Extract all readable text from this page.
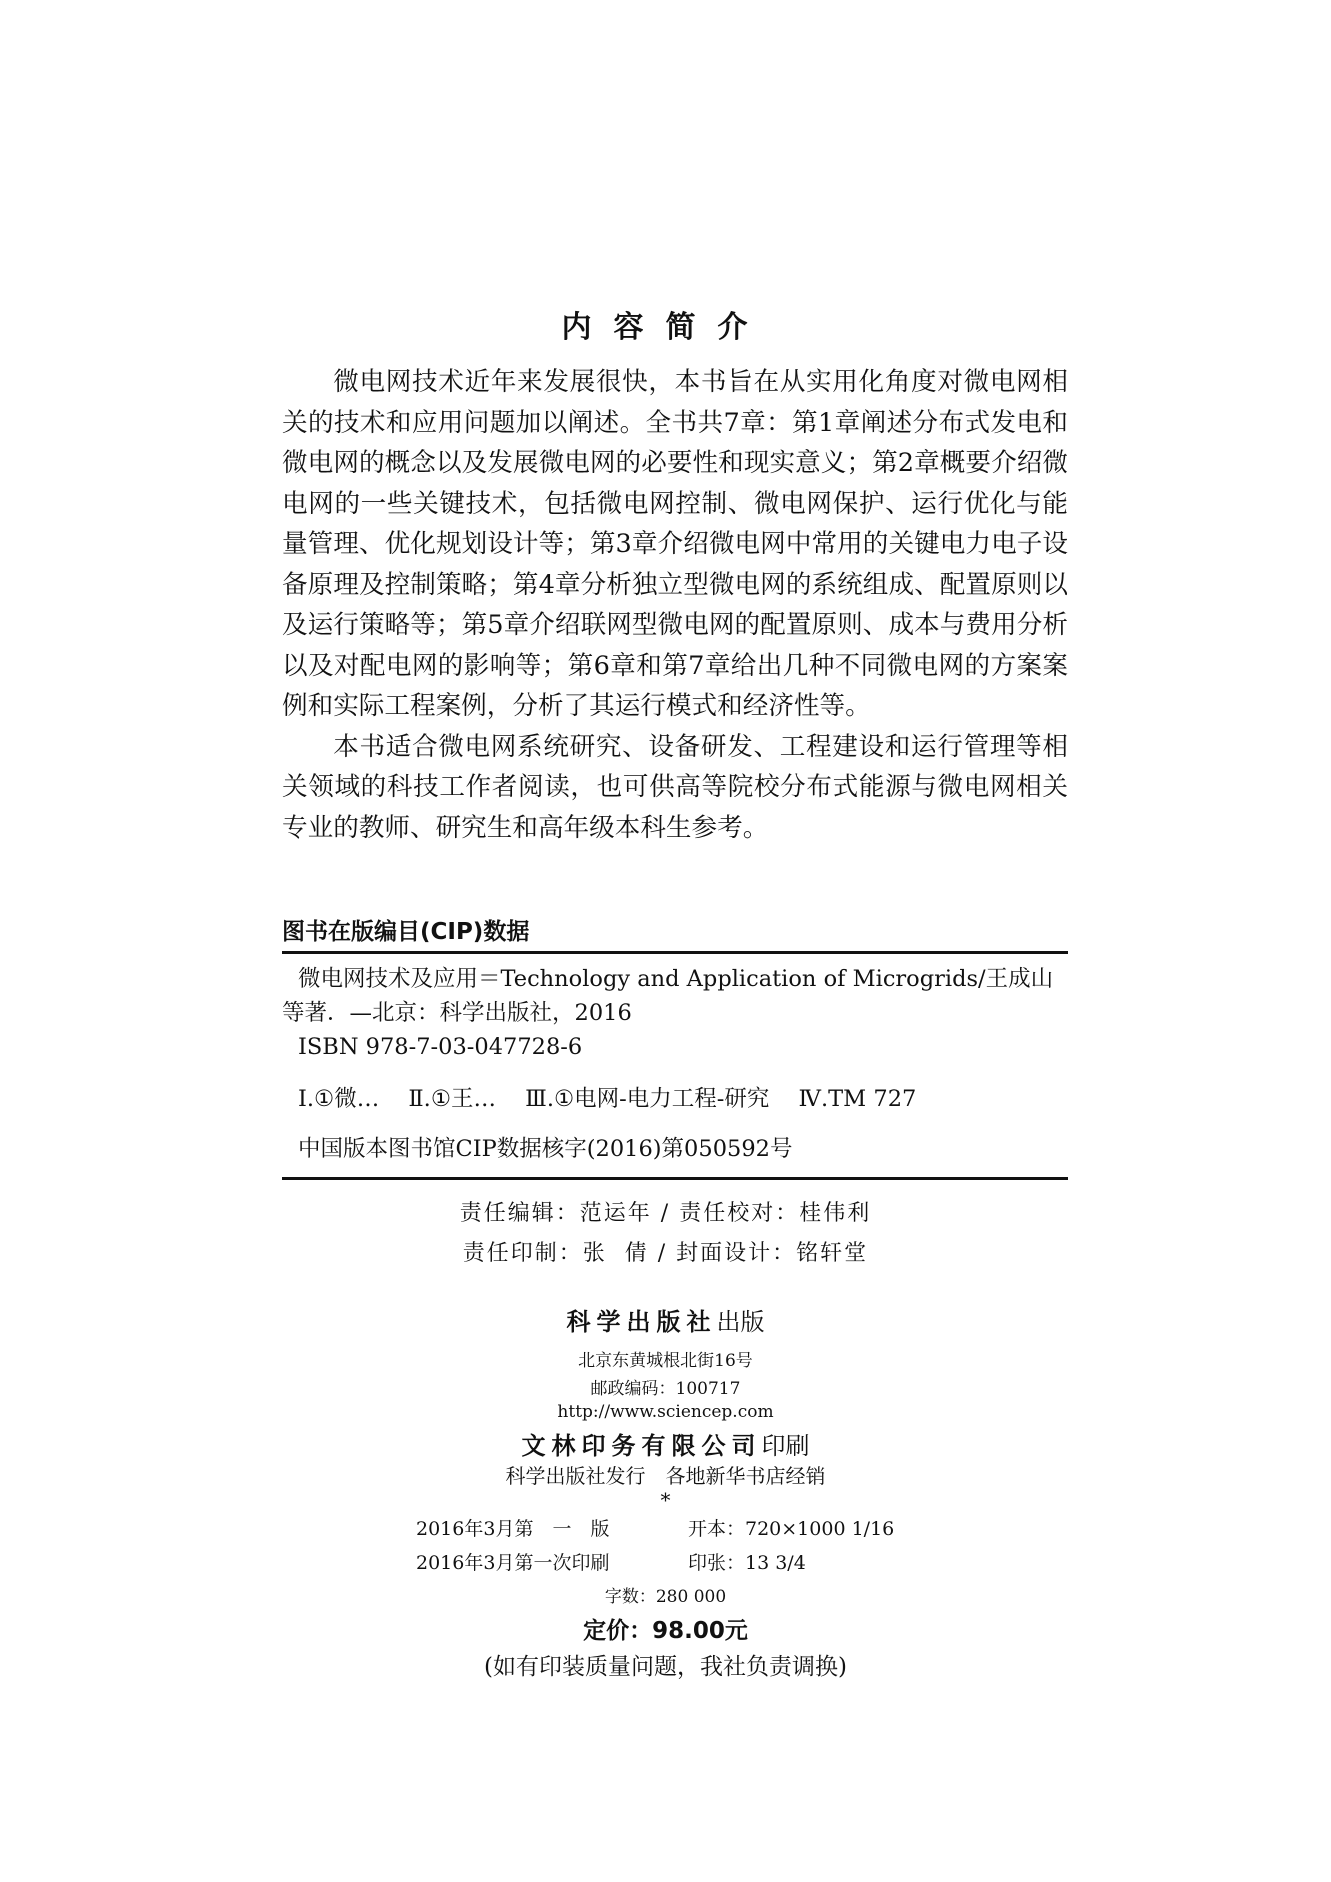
内容简介

微电网技术近年来发展很快，本书旨在从实用化角度对微电网相关的技术和应用问题加以阐述。全书共7章：第1章阐述分布式发电和微电网的概念以及发展微电网的必要性和现实意义；第2章概要介绍微电网的一些关键技术，包括微电网控制、微电网保护、运行优化与能量管理、优化规划设计等；第3章介绍微电网中常用的关键电力电子设备原理及控制策略；第4章分析独立型微电网的系统组成、配置原则以及运行策略等；第5章介绍联网型微电网的配置原则、成本与费用分析以及对配电网的影响等；第6章和第7章给出几种不同微电网的方案案例和实际工程案例，分析了其运行模式和经济性等。

本书适合微电网系统研究、设备研发、工程建设和运行管理等相关领域的科技工作者阅读，也可供高等院校分布式能源与微电网相关专业的教师、研究生和高年级本科生参考。

图书在版编目(CIP)数据
微电网技术及应用＝Technology and Application of Microgrids/王成山
等著．—北京：科学出版社，2016
ISBN 978-7-03-047728-6
Ⅰ.①微… Ⅱ.①王… Ⅲ.①电网-电力工程-研究 Ⅳ.TM 727
中国版本图书馆CIP数据核字(2016)第050592号
责任编辑：范运年 / 责任校对：桂伟利
责任印制：张  倩 / 封面设计：铭轩堂
科学出版社出版
北京东黄城根北街16号
邮政编码：100717
http://www.sciencep.com
文林印务有限公司印刷
科学出版社发行　各地新华书店经销
*
2016年3月第　一　版	开本：720×1000 1/16
2016年3月第一次印刷	印张：13 3/4
字数：280 000
定价：98.00元
(如有印装质量问题，我社负责调换)
